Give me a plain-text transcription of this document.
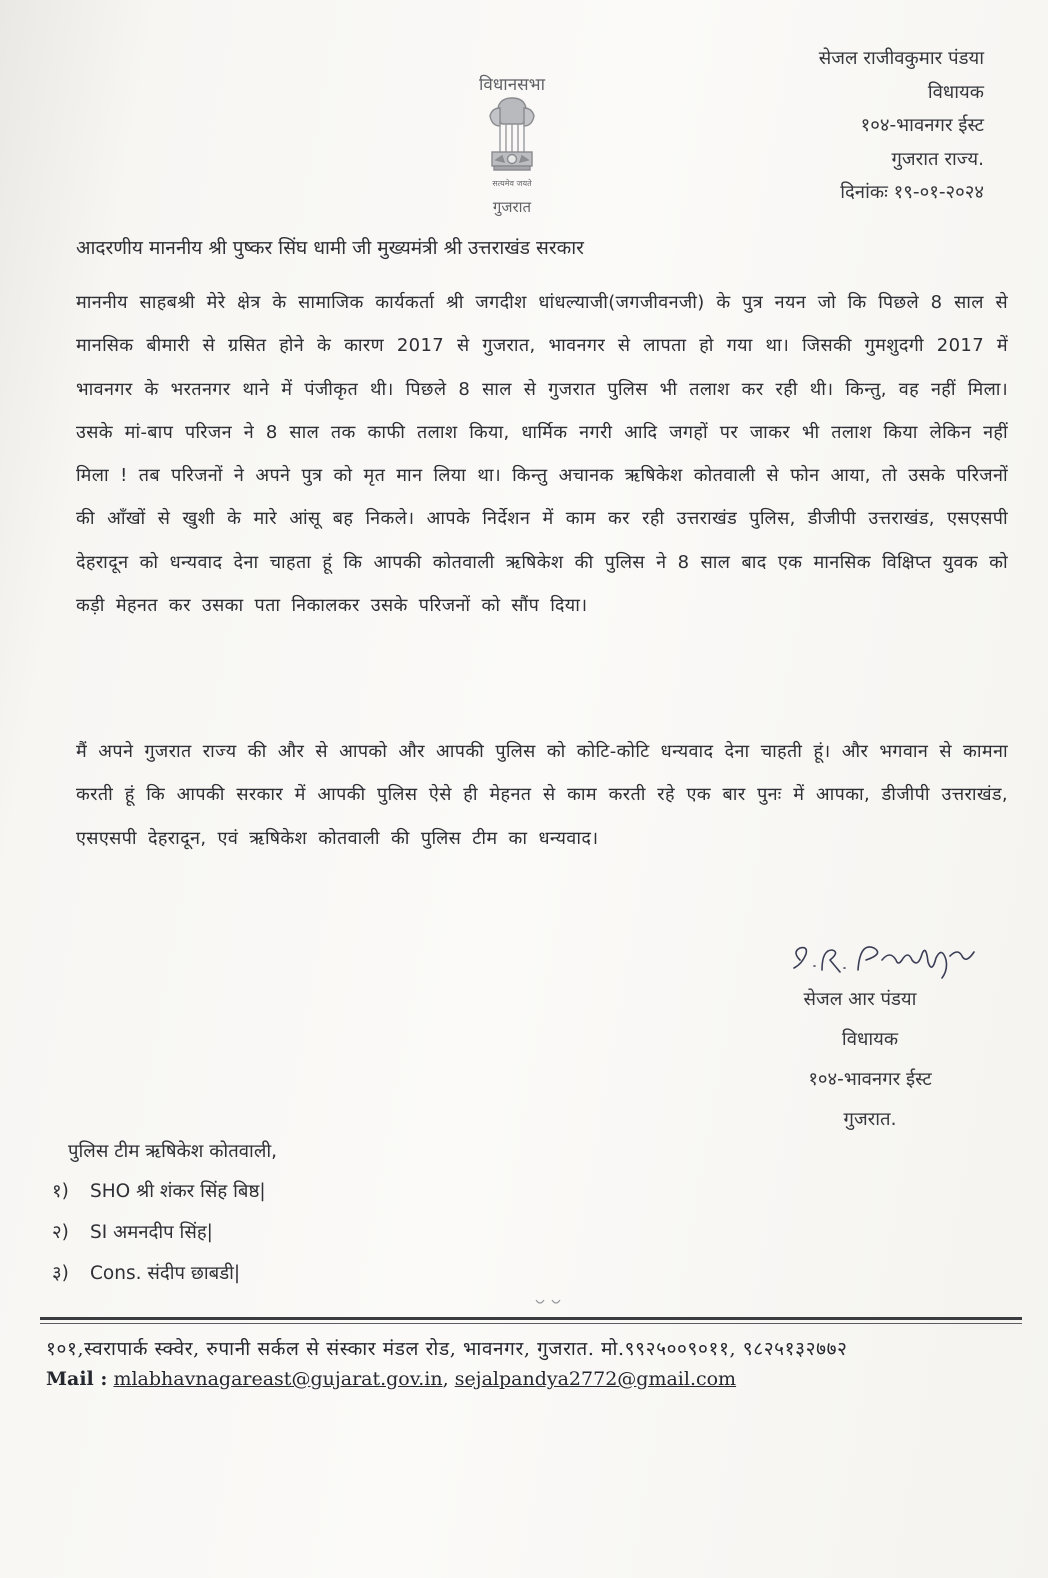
विधानसभा
सत्यमेव जयते
गुजरात
सेजल राजीवकुमार पंडया
विधायक
१०४-भावनगर ईस्ट
गुजरात राज्य.
दिनांकः १९-०१-२०२४
आदरणीय माननीय श्री पुष्कर सिंघ धामी जी मुख्यमंत्री श्री उत्तराखंड सरकार
माननीय साहबश्री मेरे क्षेत्र के सामाजिक कार्यकर्ता श्री जगदीश धांधल्याजी(जगजीवनजी) के पुत्र नयन जो कि पिछले 8 साल से मानसिक बीमारी से ग्रसित होने के कारण 2017 से गुजरात, भावनगर से लापता हो गया था। जिसकी गुमशुदगी 2017 में भावनगर के भरतनगर थाने में पंजीकृत थी। पिछले 8 साल से गुजरात पुलिस भी तलाश कर रही थी। किन्तु, वह नहीं मिला। उसके मां-बाप परिजन ने 8 साल तक काफी तलाश किया, धार्मिक नगरी आदि जगहों पर जाकर भी तलाश किया लेकिन नहीं मिला ! तब परिजनों ने अपने पुत्र को मृत मान लिया था। किन्तु अचानक ऋषिकेश कोतवाली से फोन आया, तो उसके परिजनों की आँखों से खुशी के मारे आंसू बह निकले। आपके निर्देशन में काम कर रही उत्तराखंड पुलिस, डीजीपी उत्तराखंड, एसएसपी देहरादून को धन्यवाद देना चाहता हूं कि आपकी कोतवाली ऋषिकेश की पुलिस ने 8 साल बाद एक मानसिक विक्षिप्त युवक को कड़ी मेहनत कर उसका पता निकालकर उसके परिजनों को सौंप दिया।
मैं अपने गुजरात राज्य की और से आपको और आपकी पुलिस को कोटि-कोटि धन्यवाद देना चाहती हूं। और भगवान से कामना करती हूं कि आपकी सरकार में आपकी पुलिस ऐसे ही मेहनत से काम करती रहे एक बार पुनः में आपका, डीजीपी उत्तराखंड, एसएसपी देहरादून, एवं ऋषिकेश कोतवाली की पुलिस टीम का धन्यवाद।
सेजल आर पंडया
विधायक
१०४-भावनगर ईस्ट
गुजरात.
पुलिस टीम ऋषिकेश कोतवाली,
१) SHO श्री शंकर सिंह बिष्ठ|
२) SI अमनदीप सिंह|
३) Cons. संदीप छाबडी|
१०१,स्वरापार्क स्क्वेर, रुपानी सर्कल से संस्कार मंडल रोड, भावनगर, गुजरात. मो.९९२५००९०११, ९८२५१३२७७२
Mail : mlabhavnagareast@gujarat.gov.in, sejalpandya2772@gmail.com
